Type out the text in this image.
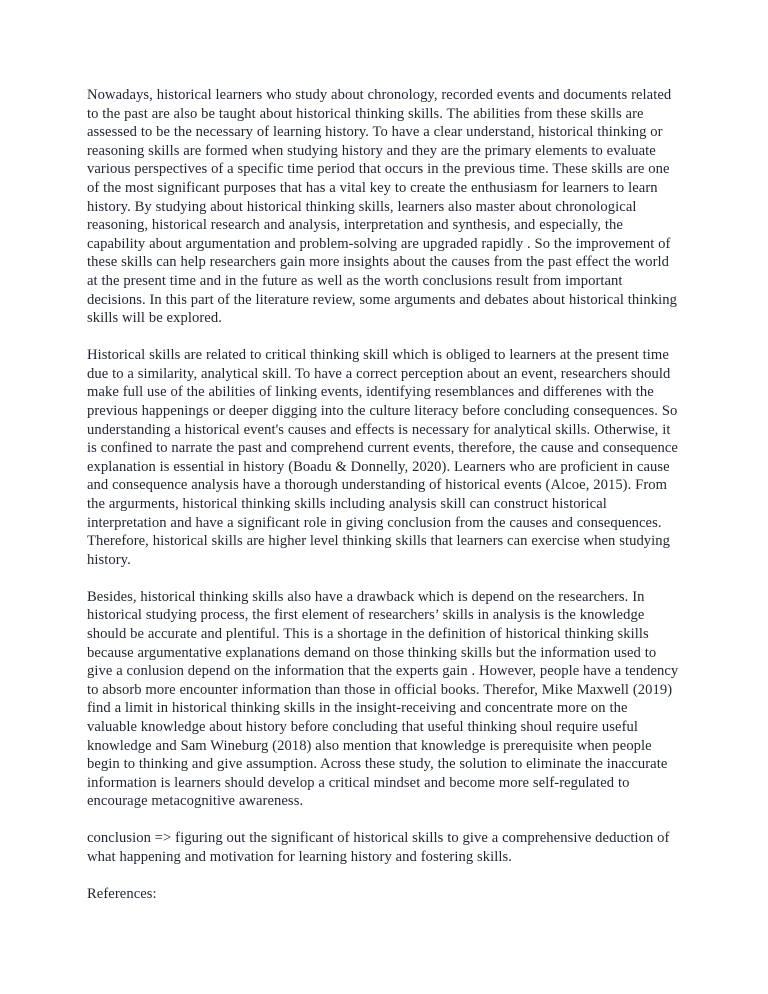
Nowadays, historical learners who study about chronology, recorded events and documents related to the past are also be taught about historical thinking skills. The abilities from these skills are assessed to be the necessary of learning history. To have a clear understand, historical thinking or reasoning skills are formed when studying history and they are the primary elements to evaluate various perspectives of a specific time period that occurs in the previous time. These skills are one of the most significant purposes that has a vital key to create the enthusiasm for learners to learn history. By studying about historical thinking skills, learners also master about chronological reasoning, historical research and analysis, interpretation and synthesis, and especially, the capability about argumentation and problem-solving are upgraded rapidly . So the improvement of these skills can help researchers gain more insights about the causes from the past effect the world at the present time and in the future as well as the worth conclusions result from important decisions. In this part of the literature review, some arguments and debates about historical thinking skills will be explored.

Historical skills are related to critical thinking skill which is obliged to learners at the present time due to a similarity, analytical skill. To have a correct perception about an event, researchers should make full use of the abilities of linking events, identifying resemblances and differenes with the previous happenings or deeper digging into the culture literacy before concluding consequences. So understanding a historical event's causes and effects is necessary for analytical skills. Otherwise, it is confined to narrate the past and comprehend current events, therefore, the cause and consequence explanation is essential in history (Boadu & Donnelly, 2020). Learners who are proficient in cause and consequence analysis have a thorough understanding of historical events (Alcoe, 2015). From the argurments, historical thinking skills including analysis skill can construct historical interpretation and have a significant role in giving conclusion from the causes and consequences. Therefore, historical skills are higher level thinking skills that learners can exercise when studying history.

Besides, historical thinking skills also have a drawback which is depend on the researchers. In historical studying process, the first element of researchers’ skills in analysis is the knowledge should be accurate and plentiful. This is a shortage in the definition of historical thinking skills because argumentative explanations demand on those thinking skills but the information used to give a conlusion depend on the information that the experts gain . However, people have a tendency to absorb more encounter information than those in official books. Therefor, Mike Maxwell (2019) find a limit in historical thinking skills in the insight-receiving and concentrate more on the valuable knowledge about history before concluding that useful thinking shoul require useful knowledge and Sam Wineburg (2018) also mention that knowledge is prerequisite when people begin to thinking and give assumption. Across these study, the solution to eliminate the inaccurate information is learners should develop a critical mindset and become more self-regulated to encourage metacognitive awareness.

conclusion => figuring out the significant of historical skills to give a comprehensive deduction of what happening and motivation for learning history and fostering skills.

References:
